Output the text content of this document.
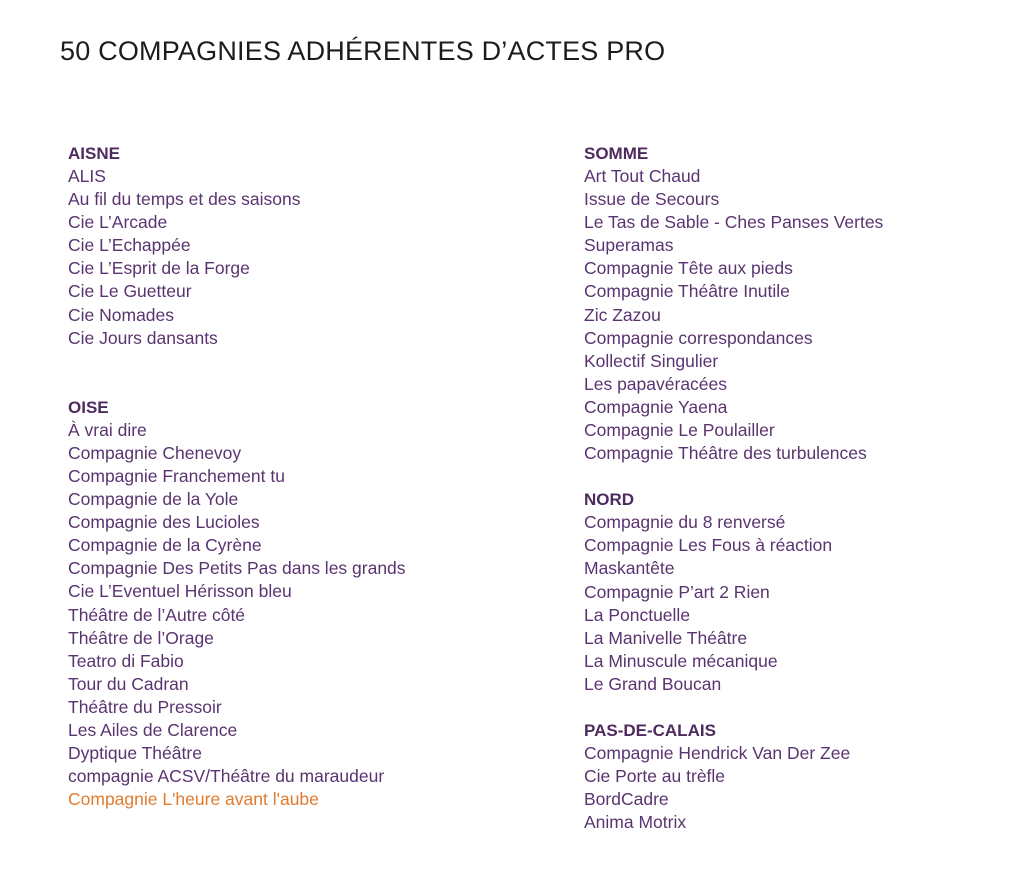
50 COMPAGNIES ADHÉRENTES D’ACTES PRO
AISNE
ALIS
Au fil du temps et des saisons
Cie L’Arcade
Cie L’Echappée
Cie L’Esprit de la Forge
Cie Le Guetteur
Cie Nomades
Cie Jours dansants
OISE
À vrai dire
Compagnie Chenevoy
Compagnie Franchement tu
Compagnie de la Yole
Compagnie des Lucioles
Compagnie de la Cyrène
Compagnie Des Petits Pas dans les grands
Cie L’Eventuel Hérisson bleu
Théâtre de l’Autre côté
Théâtre de l’Orage
Teatro di Fabio
Tour du Cadran
Théâtre du Pressoir
Les Ailes de Clarence
Dyptique Théâtre
compagnie ACSV/Théâtre du maraudeur
Compagnie L'heure avant l'aube
SOMME
Art Tout Chaud
Issue de Secours
Le Tas de Sable - Ches Panses Vertes
Superamas
Compagnie Tête aux pieds
Compagnie Théâtre Inutile
Zic Zazou
Compagnie correspondances
Kollectif Singulier
Les papavéracées
Compagnie Yaena
Compagnie Le Poulailler
Compagnie Théâtre des turbulences
NORD
Compagnie du 8 renversé
Compagnie Les Fous à réaction
Maskantête
Compagnie P’art 2 Rien
La Ponctuelle
La Manivelle Théâtre
La Minuscule mécanique
Le Grand Boucan
PAS-DE-CALAIS
Compagnie Hendrick Van Der Zee
Cie Porte au trèfle
BordCadre
Anima Motrix
